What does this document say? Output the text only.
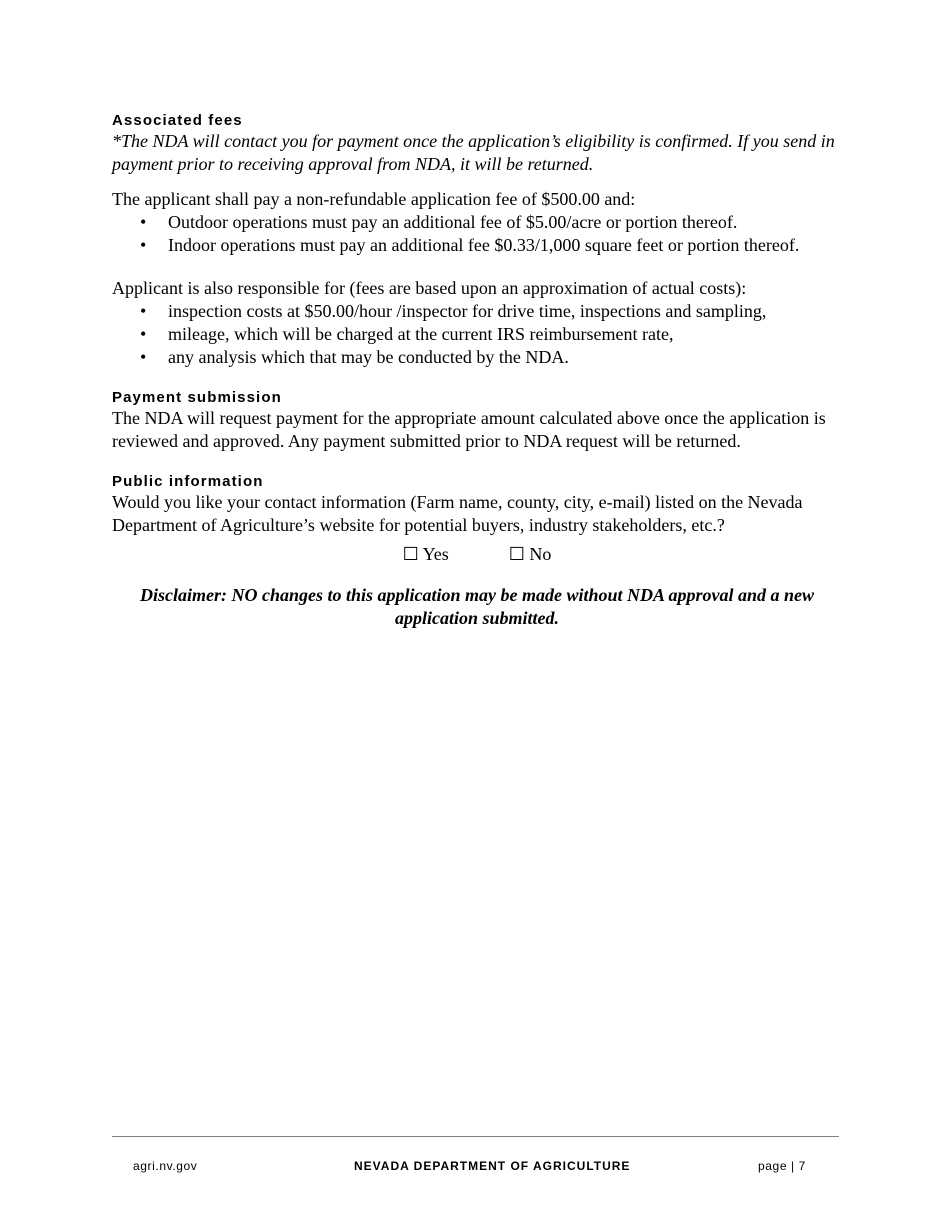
Associated fees

*The NDA will contact you for payment once the application’s eligibility is confirmed. If you send in payment prior to receiving approval from NDA, it will be returned.

The applicant shall pay a non-refundable application fee of $500.00 and:

• Outdoor operations must pay an additional fee of $5.00/acre or portion thereof.
• Indoor operations must pay an additional fee $0.33/1,000 square feet or portion thereof.

Applicant is also responsible for (fees are based upon an approximation of actual costs):

• inspection costs at $50.00/hour /inspector for drive time, inspections and sampling,
• mileage, which will be charged at the current IRS reimbursement rate,
• any analysis which that may be conducted by the NDA.
Payment submission

The NDA will request payment for the appropriate amount calculated above once the application is reviewed and approved. Any payment submitted prior to NDA request will be returned.

Public information

Would you like your contact information (Farm name, county, city, e-mail) listed on the Nevada Department of Agriculture’s website for potential buyers, industry stakeholders, etc.?

☐ Yes	☐ No
Disclaimer: NO changes to this application may be made without NDA approval and a new application submitted.
agri.nv.gov	NEVADA DEPARTMENT OF AGRICULTURE	page | 7
